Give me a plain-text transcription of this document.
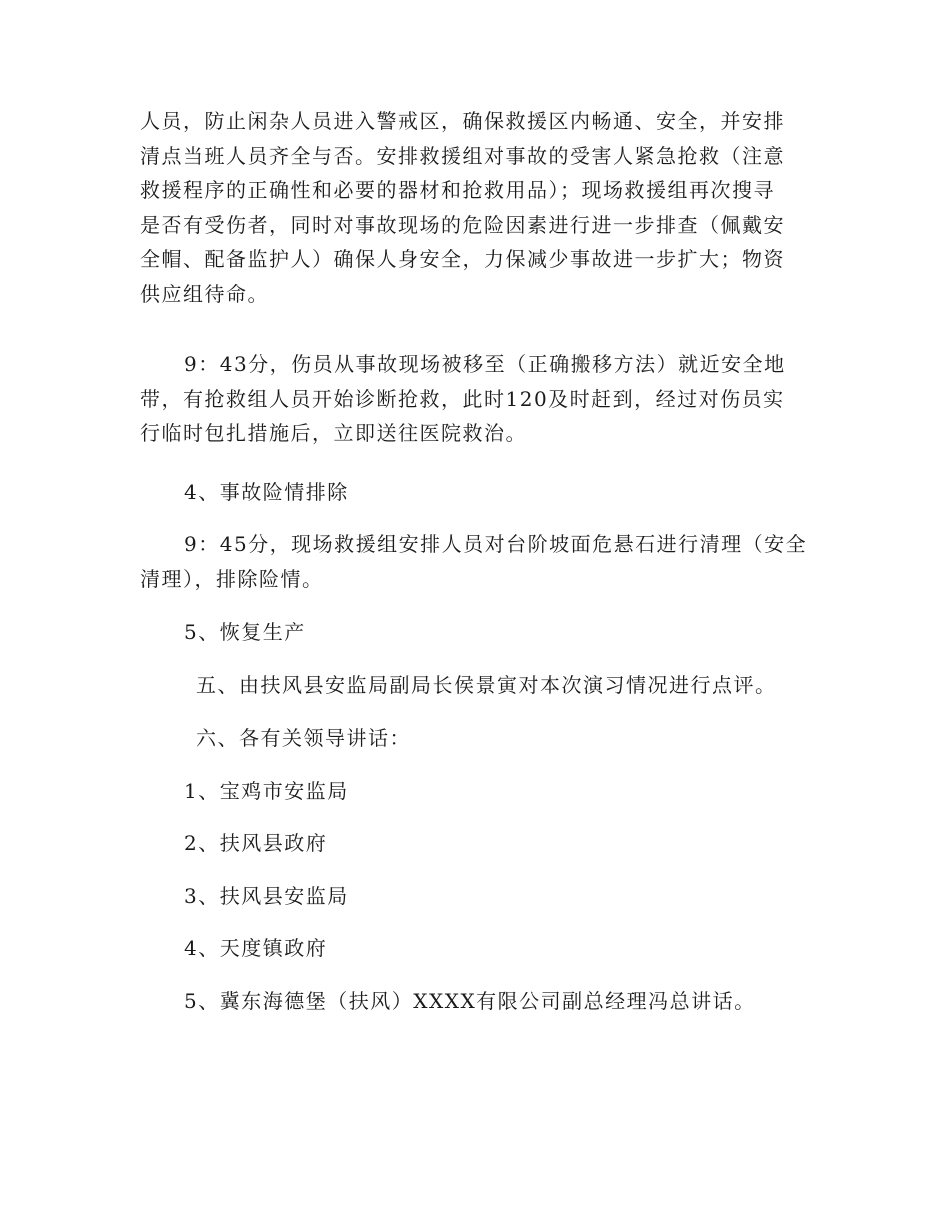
人员，防止闲杂人员进入警戒区，确保救援区内畅通、安全，并安排
清点当班人员齐全与否。安排救援组对事故的受害人紧急抢救（注意
救援程序的正确性和必要的器材和抢救用品）；现场救援组再次搜寻
是否有受伤者，同时对事故现场的危险因素进行进一步排查（佩戴安
全帽、配备监护人）确保人身安全，力保减少事故进一步扩大；物资
供应组待命。
9：43分，伤员从事故现场被移至（正确搬移方法）就近安全地
带，有抢救组人员开始诊断抢救，此时120及时赶到，经过对伤员实
行临时包扎措施后，立即送往医院救治。
4、事故险情排除
9：45分，现场救援组安排人员对台阶坡面危悬石进行清理（安全
清理），排除险情。
5、恢复生产
五、由扶风县安监局副局长侯景寅对本次演习情况进行点评。
六、各有关领导讲话：
1、宝鸡市安监局
2、扶风县政府
3、扶风县安监局
4、天度镇政府
5、冀东海德堡（扶风）XXXX有限公司副总经理冯总讲话。
